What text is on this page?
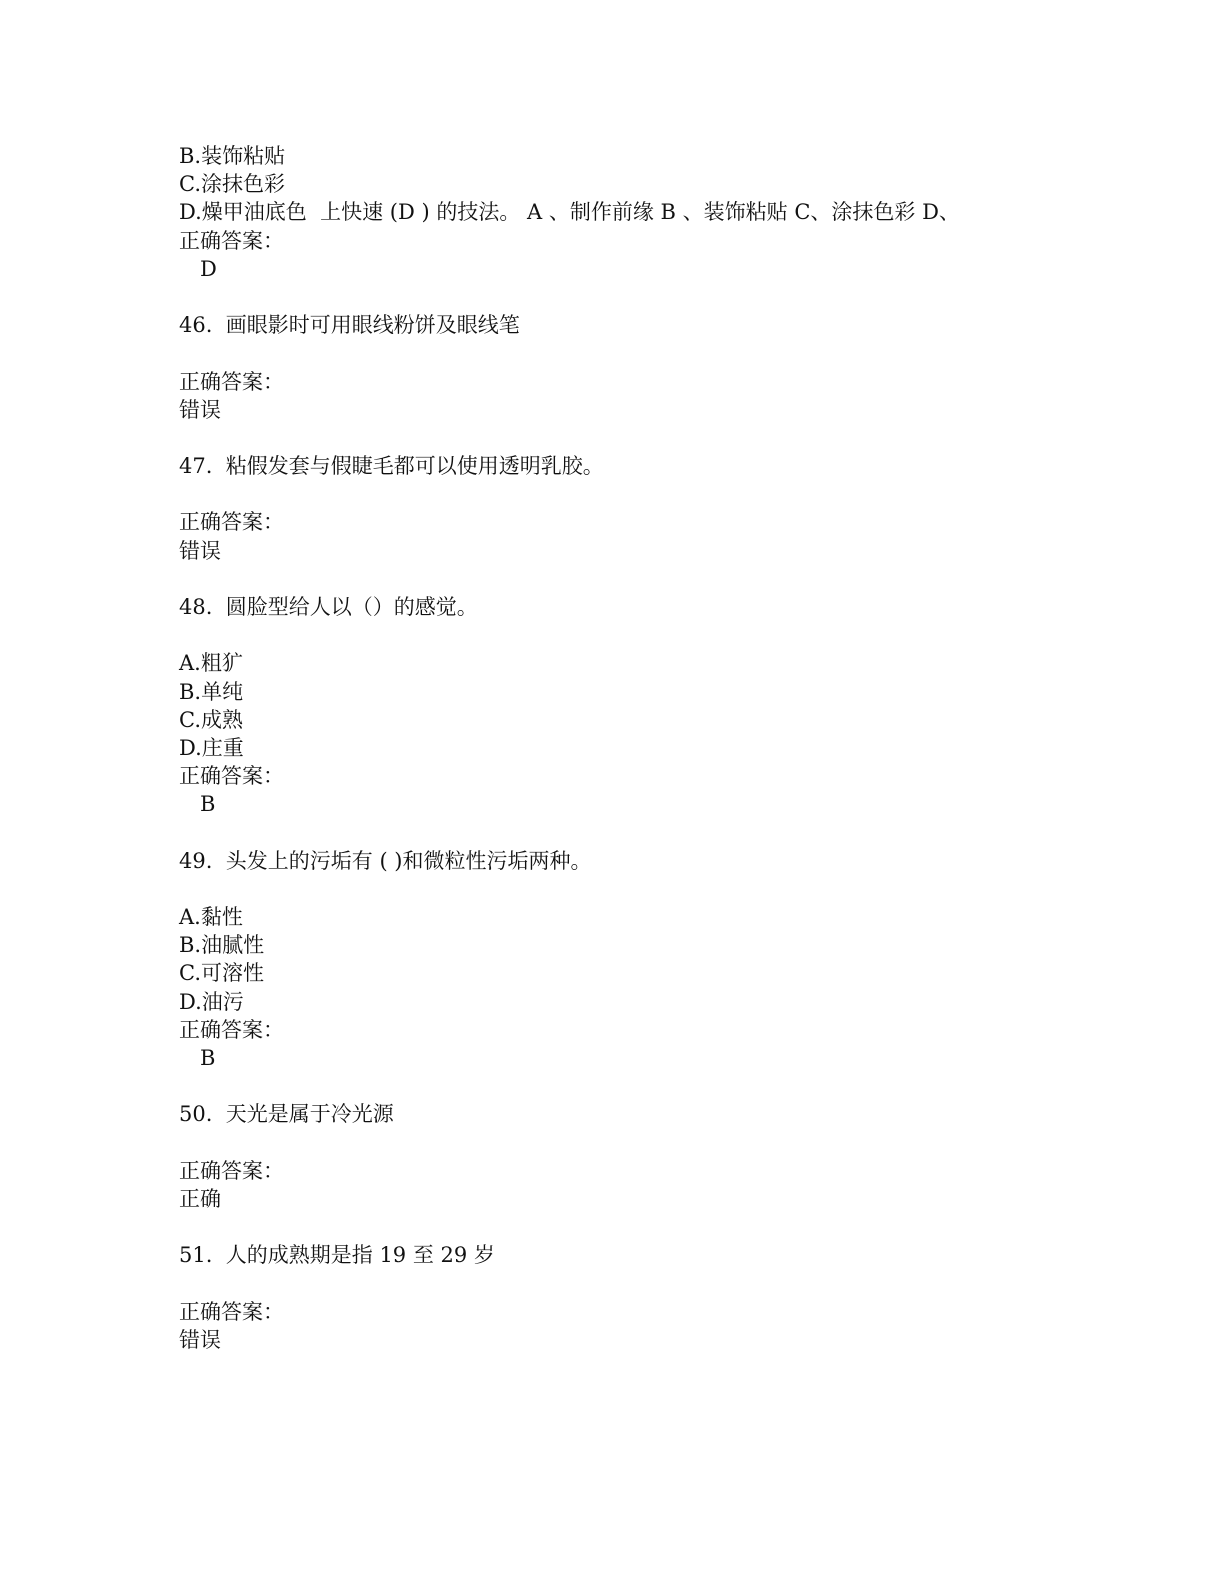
B.装饰粘贴
C.涂抹色彩
D.燥甲油底色  上快速 (D ) 的技法。 A 、制作前缘 B 、装饰粘贴 C、涂抹色彩 D、
正确答案：
D
46. 画眼影时可用眼线粉饼及眼线笔
正确答案：
错误
47. 粘假发套与假睫毛都可以使用透明乳胶。
正确答案：
错误
48. 圆脸型给人以（）的感觉。
A.粗犷
B.单纯
C.成熟
D.庄重
正确答案：
B
49. 头发上的污垢有 ( )和微粒性污垢两种。
A.黏性
B.油腻性
C.可溶性
D.油污
正确答案：
B
50. 天光是属于冷光源
正确答案：
正确
51. 人的成熟期是指 19 至 29 岁
正确答案：
错误
